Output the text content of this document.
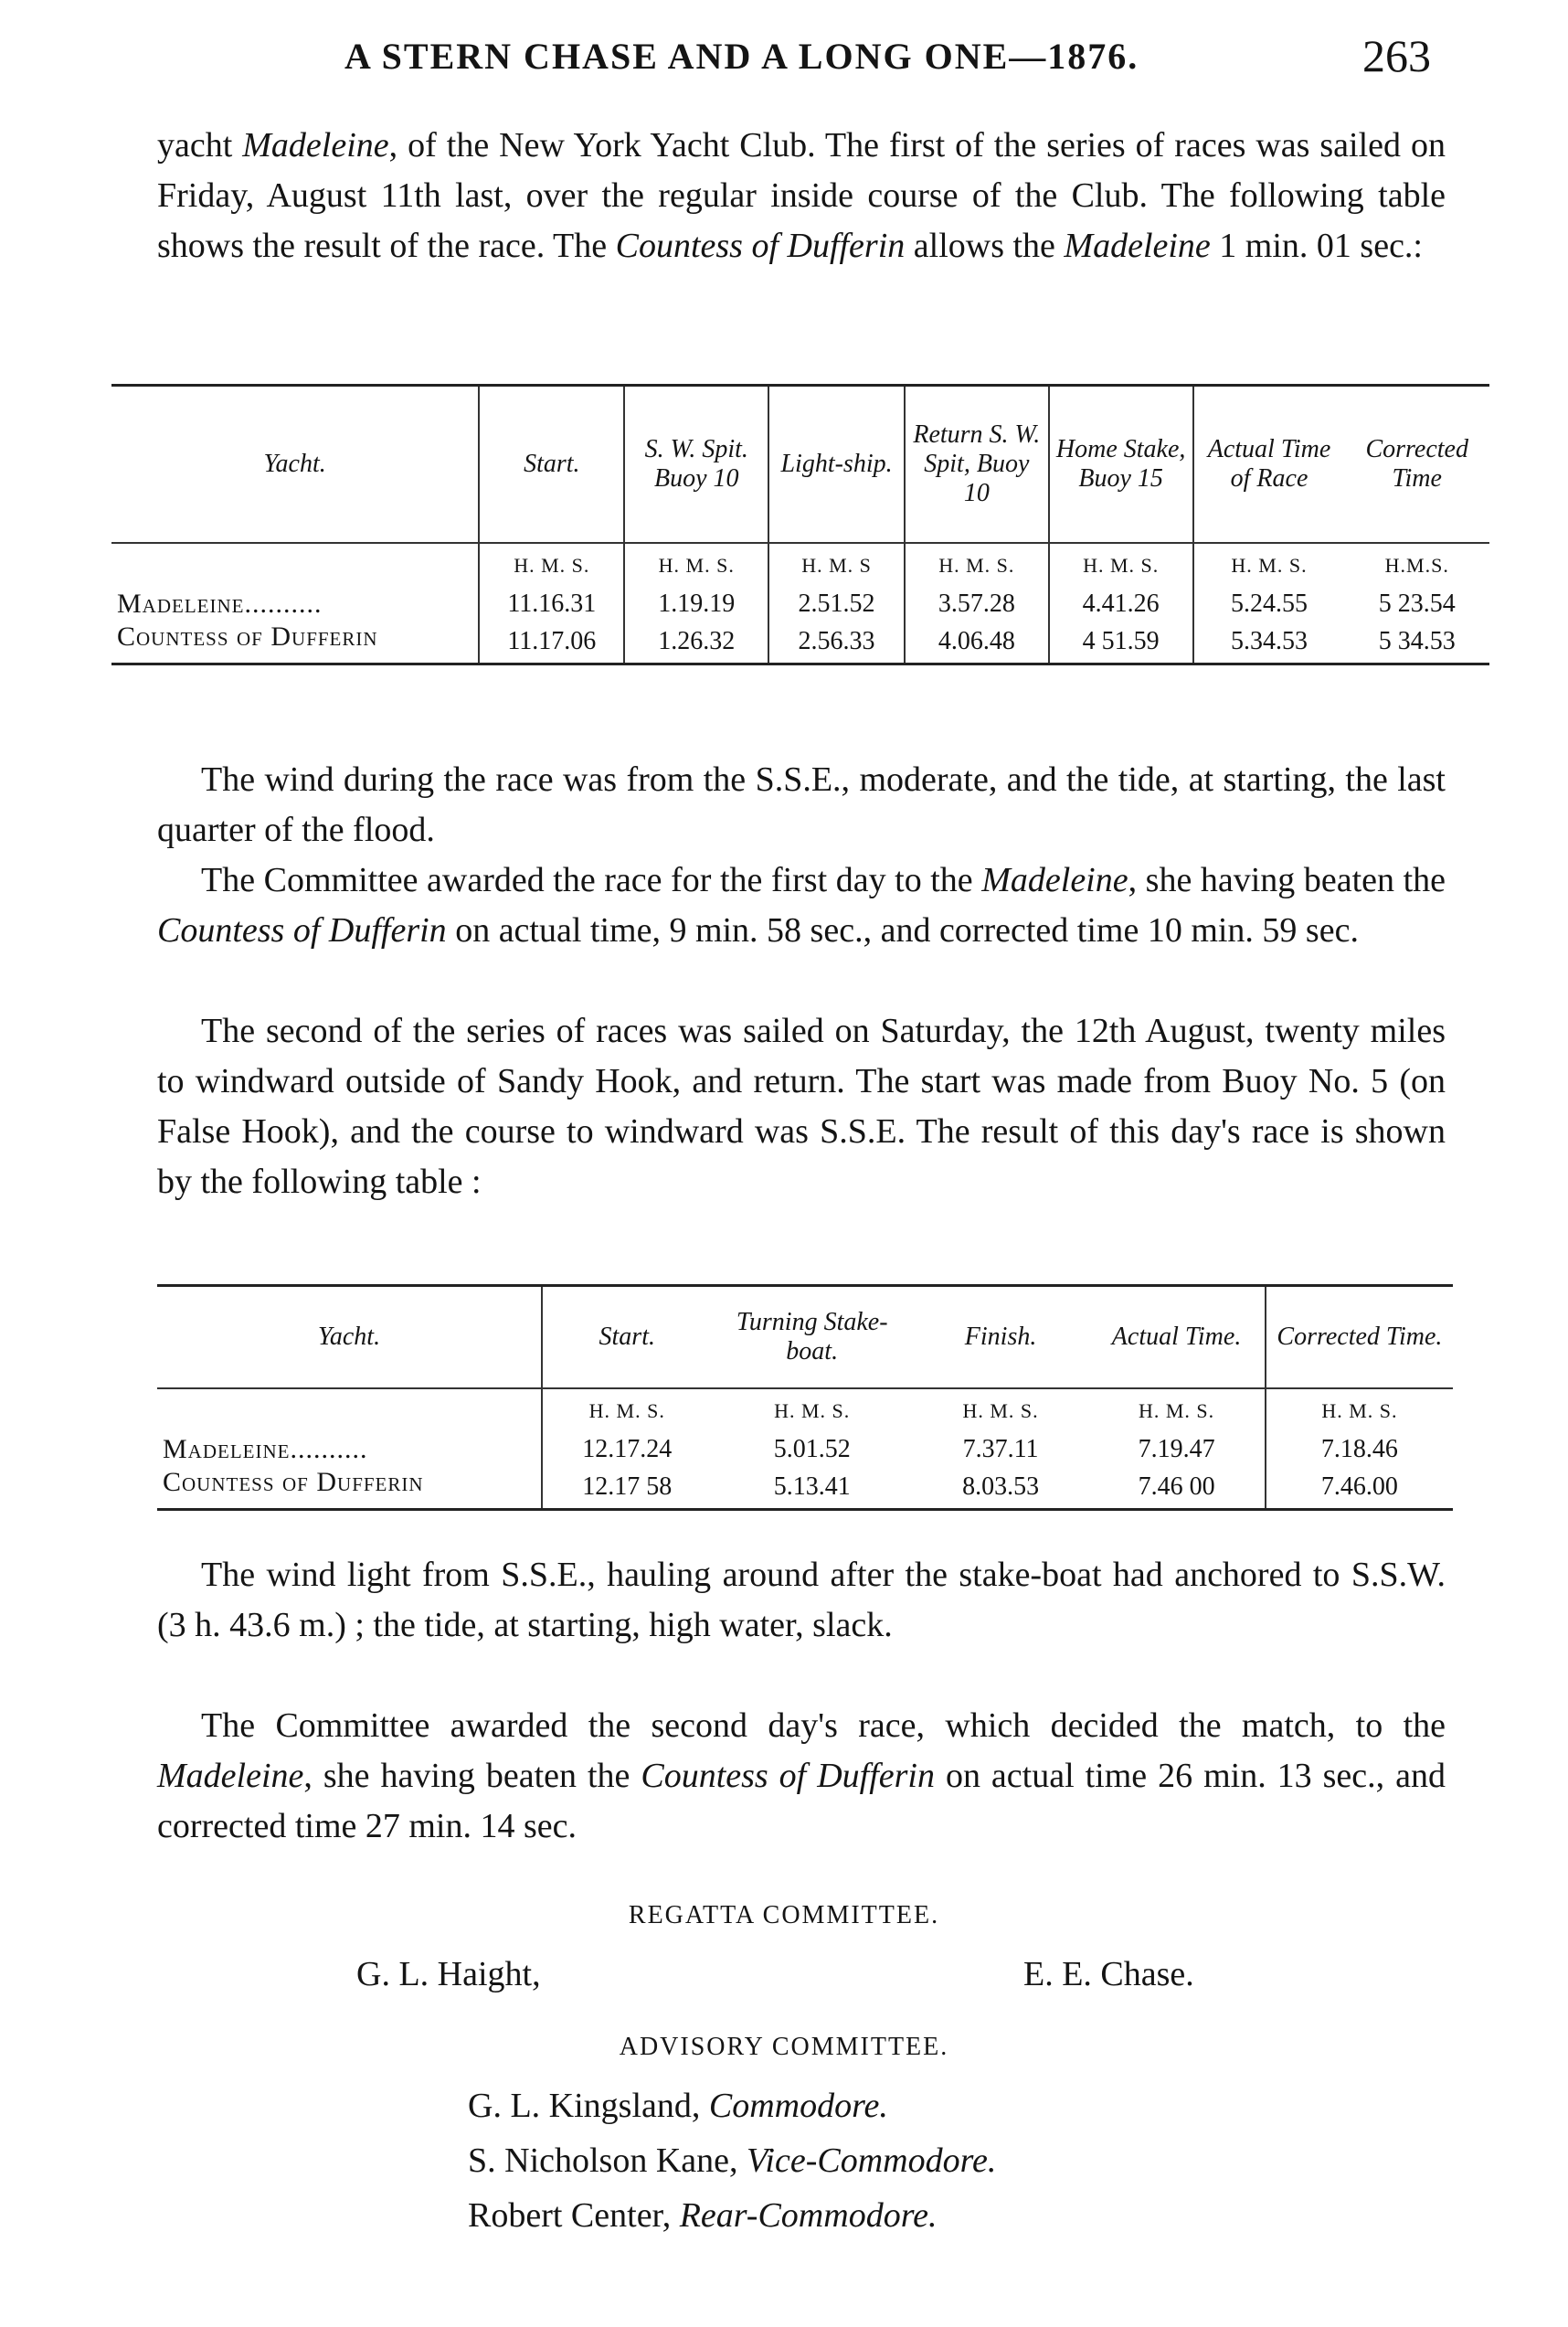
A STERN CHASE AND A LONG ONE—1876.	263

yacht Madeleine, of the New York Yacht Club. The first of the series of races was sailed on Friday, August 11th last, over the regular inside course of the Club. The following table shows the result of the race. The Countess of Dufferin allows the Madeleine 1 min. 01 sec.:

Yacht.	Start.	S. W. Spit. Buoy 10	Light-ship.	Return S. W. Spit, Buoy 10	Home Stake, Buoy 15	Actual Time of Race	Corrected Time
	H. M. S.	H. M. S.	H. M. S	H. M. S.	H. M. S.	H. M. S.	H.M.S.
Madeleine..........	11.16.31	1.19.19	2.51.52	3.57.28	4.41.26	5.24.55	5 23.54
Countess of Dufferin	11.17.06	1.26.32	2.56.33	4.06.48	4 51.59	5.34.53	5 34.53

The wind during the race was from the S.S.E., moderate, and the tide, at starting, the last quarter of the flood.

The Committee awarded the race for the first day to the Madeleine, she having beaten the Countess of Dufferin on actual time, 9 min. 58 sec., and corrected time 10 min. 59 sec.

The second of the series of races was sailed on Saturday, the 12th August, twenty miles to windward outside of Sandy Hook, and return. The start was made from Buoy No. 5 (on False Hook), and the course to windward was S.S.E. The result of this day's race is shown by the following table :

Yacht.	Start.	Turning Stake-boat.	Finish.	Actual Time.	Corrected Time.
	H. M. S.	H. M. S.	H. M. S.	H. M. S.	H. M. S.
Madeleine..........	12.17.24	5.01.52	7.37.11	7.19.47	7.18.46
Countess of Dufferin	12.17 58	5.13.41	8.03.53	7.46 00	7.46.00

The wind light from S.S.E., hauling around after the stake-boat had anchored to S.S.W. (3 h. 43.6 m.) ; the tide, at starting, high water, slack.

The Committee awarded the second day's race, which decided the match, to the Madeleine, she having beaten the Countess of Dufferin on actual time 26 min. 13 sec., and corrected time 27 min. 14 sec.

REGATTA COMMITTEE.
G. L. Haight,	E. E. Chase.
ADVISORY COMMITTEE.
G. L. Kingsland, Commodore.
S. Nicholson Kane, Vice-Commodore.
Robert Center, Rear-Commodore.
